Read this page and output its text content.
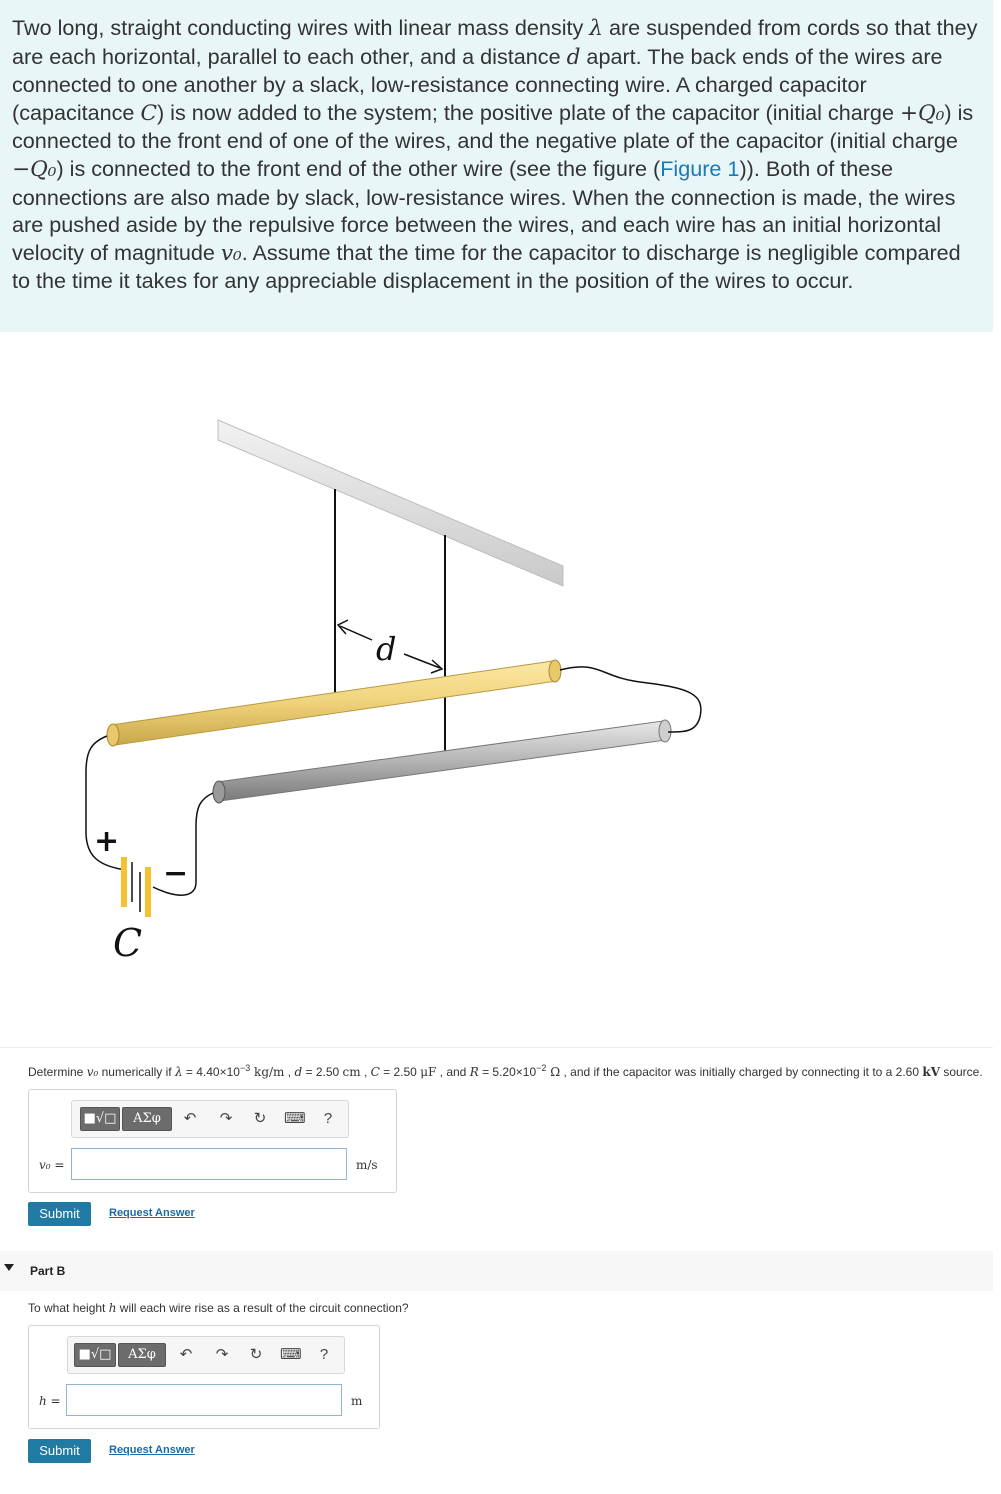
Two long, straight conducting wires with linear mass density λ are suspended from cords so that they are each horizontal, parallel to each other, and a distance d apart. The back ends of the wires are connected to one another by a slack, low-resistance connecting wire. A charged capacitor (capacitance C) is now added to the system; the positive plate of the capacitor (initial charge +Q₀) is connected to the front end of one of the wires, and the negative plate of the capacitor (initial charge −Q₀) is connected to the front end of the other wire (see the figure (Figure 1)). Both of these connections are also made by slack, low-resistance wires. When the connection is made, the wires are pushed aside by the repulsive force between the wires, and each wire has an initial horizontal velocity of magnitude v₀. Assume that the time for the capacitor to discharge is negligible compared to the time it takes for any appreciable displacement in the position of the wires to occur.
d
+
−
C
Determine v₀ numerically if $\lambda = 4.40\times 10^{-3}$ kg/m , d = 2.50 cm , C = 2.50 μF , and $R = 5.20\times 10^{-2}$ Ω , and if the capacitor was initially charged by connecting it to a 2.60 kV source.
■√□	ΑΣφ	↶ ↷ ↻ ⌨	?
v₀ =	m/s
Submit	Request Answer
Part B
To what height h will each wire rise as a result of the circuit connection?
■√□	ΑΣφ	↶ ↷ ↻ ⌨	?
h =	m
Submit	Request Answer
